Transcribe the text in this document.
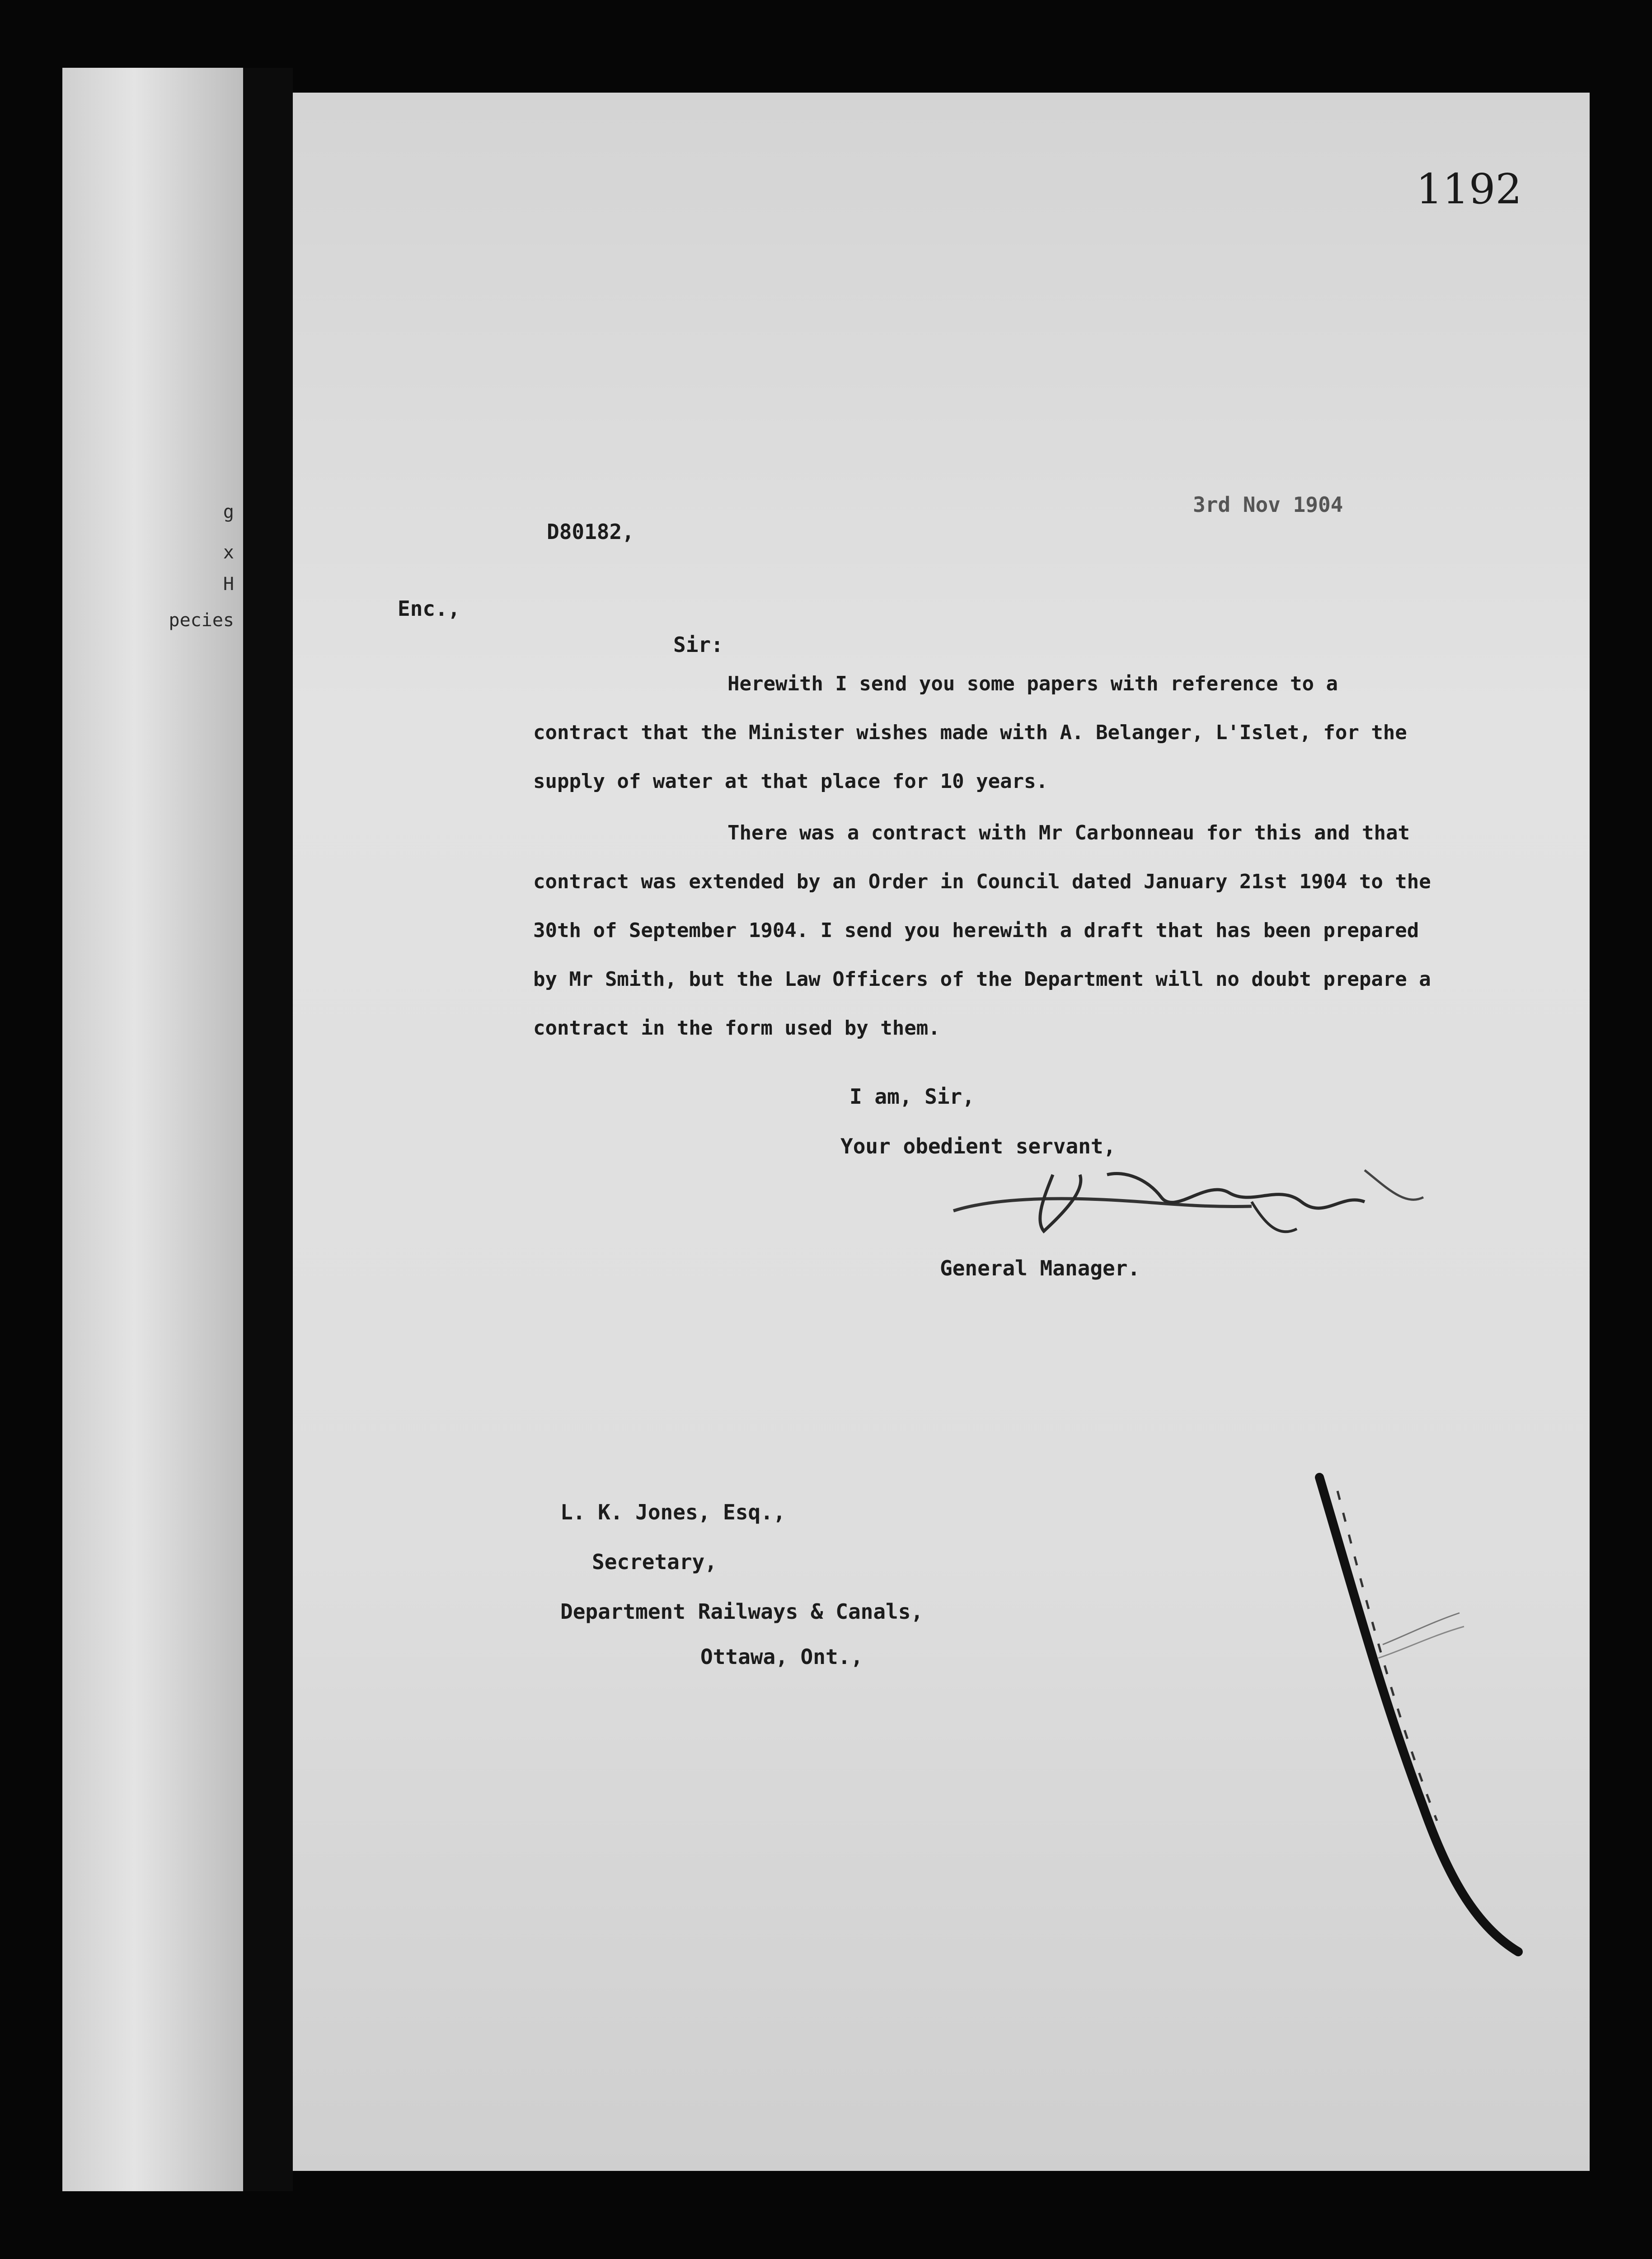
g
x
H
pecies
1192
D80182,
3rd Nov 1904
Enc.,
Sir:
Herewith I send you some papers with reference to a contract that the Minister wishes made with A. Belanger, L'Islet, for the supply of water at that place for 10 years.
There was a contract with Mr Carbonneau for this and that contract was extended by an Order in Council dated January 21st 1904 to the 30th of September 1904. I send you herewith a draft that has been prepared by Mr Smith, but the Law Officers of the Department will no doubt prepare a contract in the form used by them.
I am, Sir,
Your obedient servant,
General Manager.
L. K. Jones, Esq.,
Secretary,
Department Railways & Canals,
Ottawa, Ont.,
